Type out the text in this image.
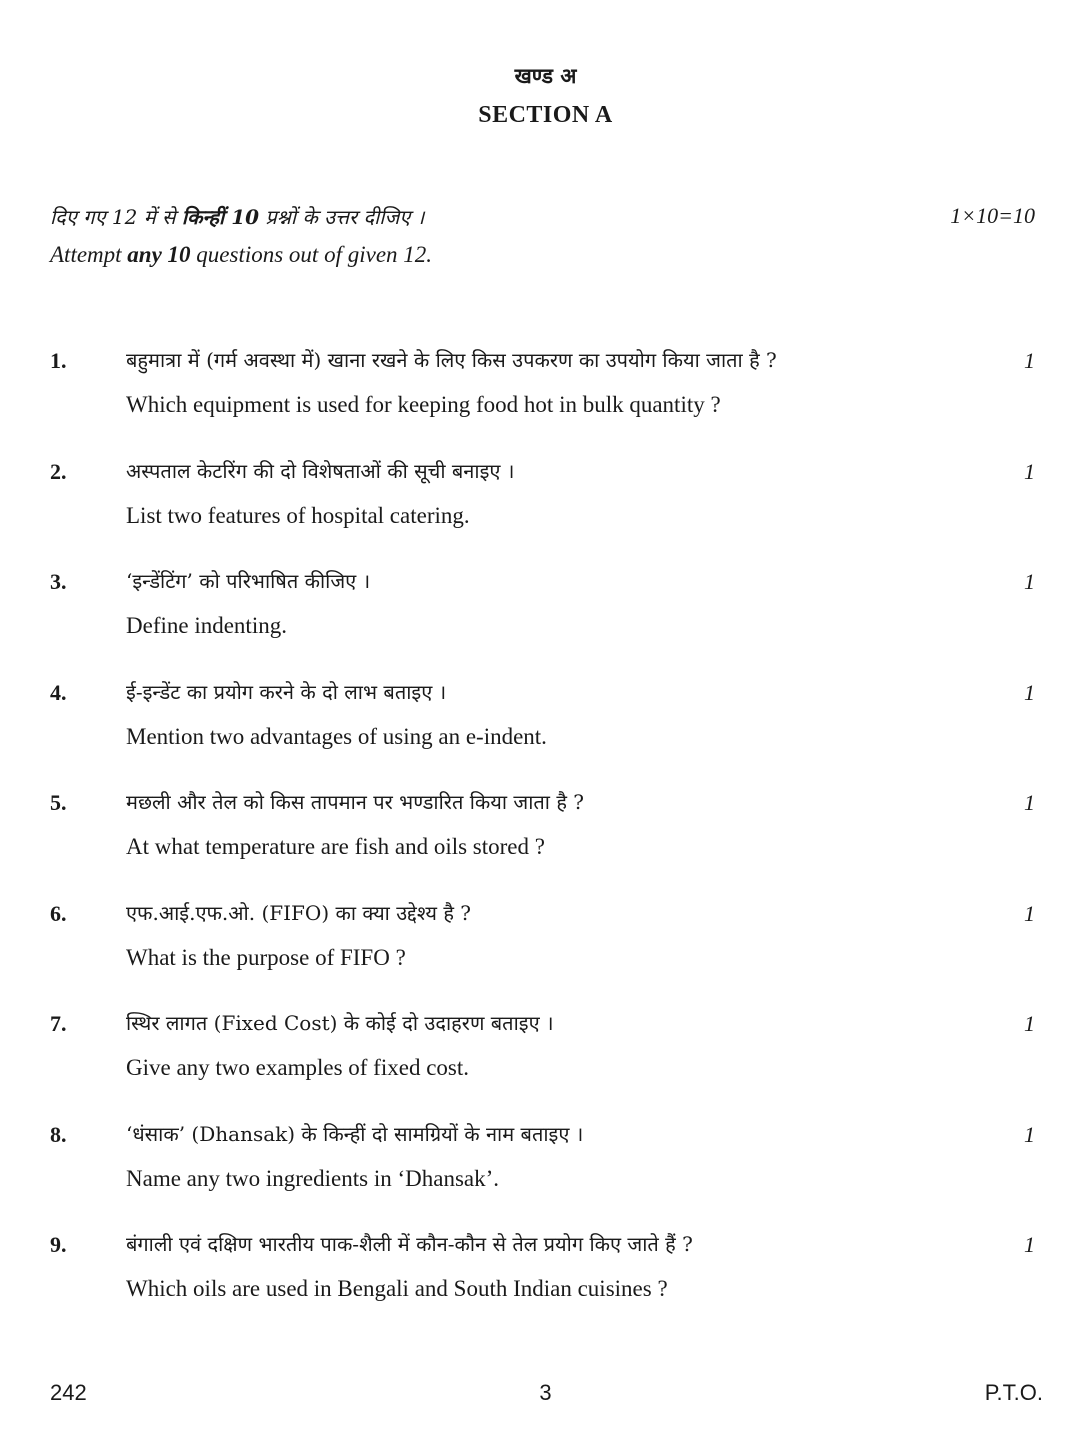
खण्ड अ
SECTION A
दिए गए 12 में से किन्हीं 10 प्रश्नों के उत्तर दीजिए ।	1×10=10
Attempt any 10 questions out of given 12.
1.	बहुमात्रा में (गर्म अवस्था में) खाना रखने के लिए किस उपकरण का उपयोग किया जाता है ?
Which equipment is used for keeping food hot in bulk quantity ?
1
2.	अस्पताल केटरिंग की दो विशेषताओं की सूची बनाइए ।
List two features of hospital catering.
1
3.	‘इन्डेंटिंग’ को परिभाषित कीजिए ।
Define indenting.
1
4.	ई-इन्डेंट का प्रयोग करने के दो लाभ बताइए ।
Mention two advantages of using an e-indent.
1
5.	मछली और तेल को किस तापमान पर भण्डारित किया जाता है ?
At what temperature are fish and oils stored ?
1
6.	एफ.आई.एफ.ओ. (FIFO) का क्या उद्देश्य है ?
What is the purpose of FIFO ?
1
7.	स्थिर लागत (Fixed Cost) के कोई दो उदाहरण बताइए ।
Give any two examples of fixed cost.
1
8.	‘धंसाक’ (Dhansak) के किन्हीं दो सामग्रियों के नाम बताइए ।
Name any two ingredients in ‘Dhansak’.
1
9.	बंगाली एवं दक्षिण भारतीय पाक-शैली में कौन-कौन से तेल प्रयोग किए जाते हैं ?
Which oils are used in Bengali and South Indian cuisines ?
1
242	3	P.T.O.
